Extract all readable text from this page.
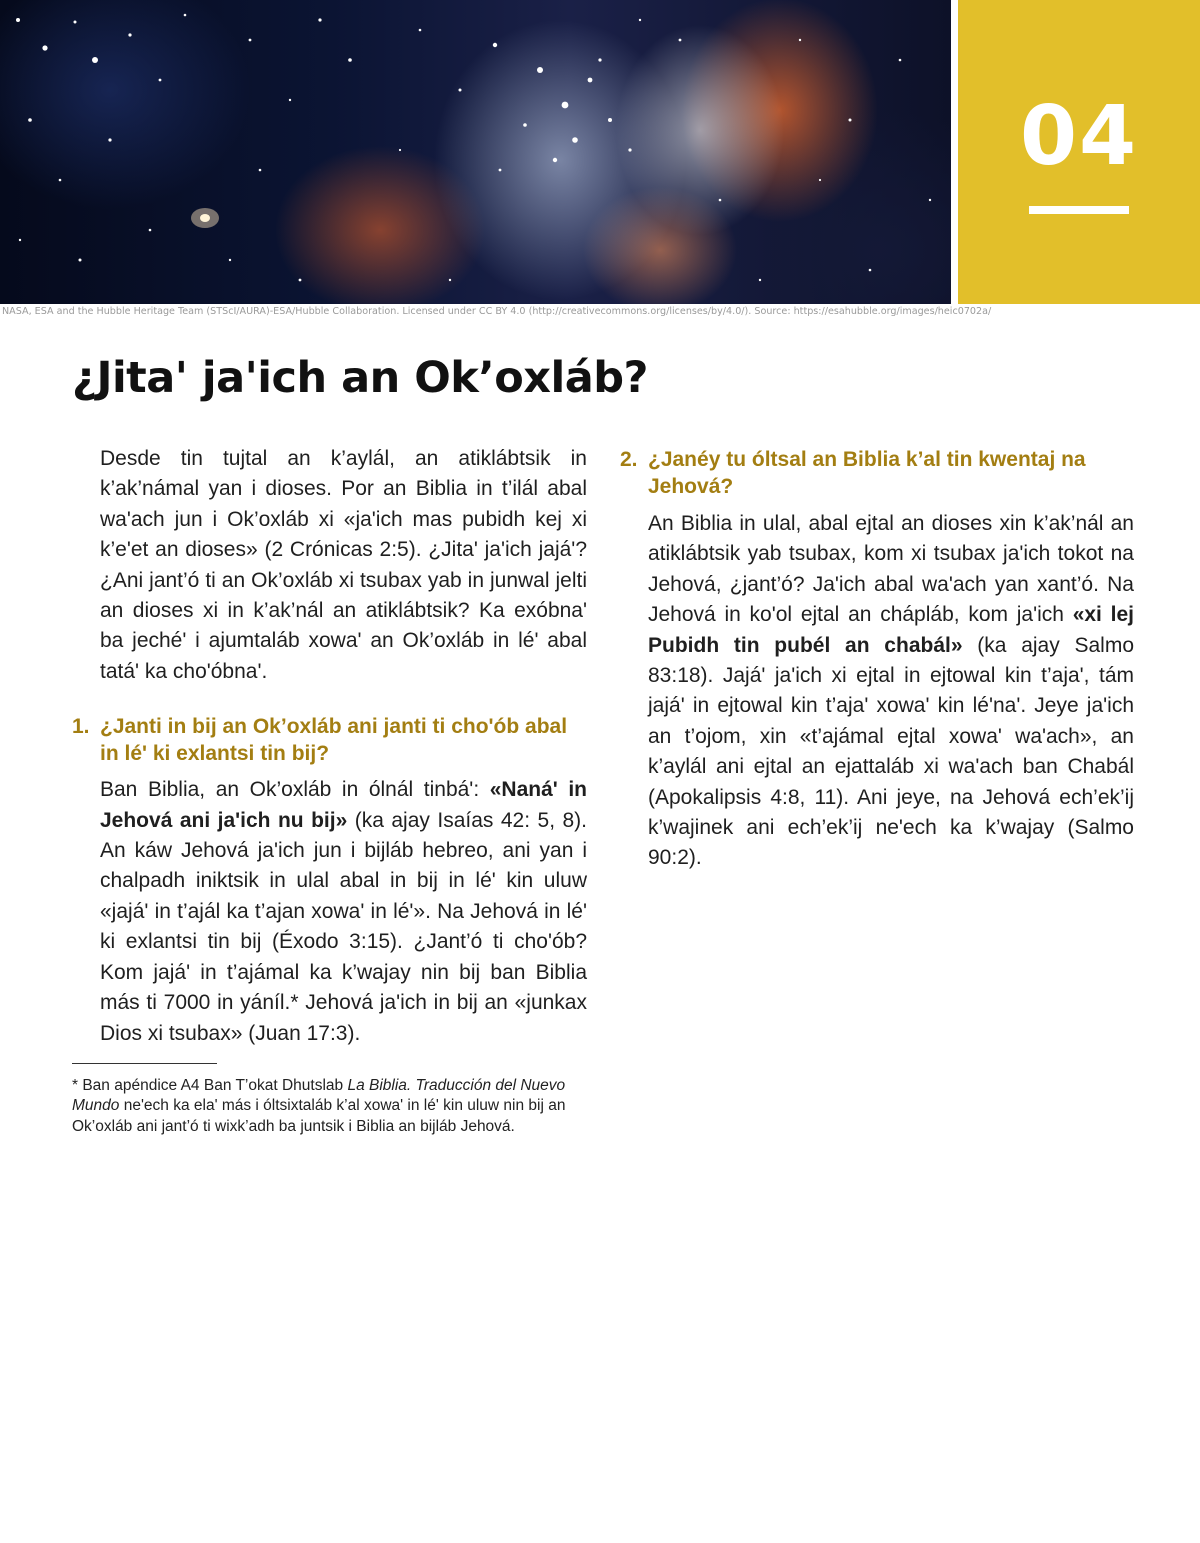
04
NASA, ESA and the Hubble Heritage Team (STScI/AURA)-ESA/Hubble Collaboration. Licensed under CC BY 4.0 (http://creativecommons.org/licenses/by/4.0/). Source: https://esahubble.org/images/heic0702a/
¿Jita' ja'ich an Ok’oxláb?

Desde tin tujtal an k’aylál, an atiklábtsik in k’ak’námal yan i dioses. Por an Biblia in t’ilál abal wa'ach jun i Ok’oxláb xi «ja'ich mas pubidh kej xi k’e'et an dioses» (2 Crónicas 2:5). ¿Jita' ja'ich jajá'? ¿Ani jant’ó ti an Ok’oxláb xi tsubax yab in junwal jelti an dioses xi in k’ak’nál an atiklábtsik? Ka exóbna' ba jeché' i ajumtaláb xowa' an Ok’oxláb in lé' abal tatá' ka cho'óbna'.

1. ¿Janti in bij an Ok’oxláb ani janti ti cho'ób abal in lé' ki exlantsi tin bij?

Ban Biblia, an Ok’oxláb in ólnál tinbá': «Naná' in Jehová ani ja'ich nu bij» (ka ajay Isaías 42: 5, 8). An káw Jehová ja'ich jun i bijláb hebreo, ani yan i chalpadh iniktsik in ulal abal in bij in lé' kin uluw «jajá' in t’ajál ka t’ajan xowa' in lé'». Na Jehová in lé' ki exlantsi tin bij (Éxodo 3:15). ¿Jant’ó ti cho'ób? Kom jajá' in t’ajámal ka k’wajay nin bij ban Biblia más ti 7000 in yáníl.* Jehová ja'ich in bij an «junkax Dios xi tsubax» (Juan 17:3).

* Ban apéndice A4 Ban T’okat Dhutslab La Biblia. Traducción del Nuevo Mundo ne'ech ka ela' más i óltsixtaláb k’al xowa' in lé' kin uluw nin bij an Ok’oxláb ani jant’ó ti wixk’adh ba juntsik i Biblia an bijláb Jehová.
2. ¿Janéy tu óltsal an Biblia k’al tin kwentaj na Jehová?

An Biblia in ulal, abal ejtal an dioses xin k’ak’nál an atiklábtsik yab tsubax, kom xi tsubax ja'ich tokot na Jehová, ¿jant’ó? Ja'ich abal wa'ach yan xant’ó. Na Jehová in ko'ol ejtal an chápláb, kom ja'ich «xi lej Pubidh tin pubél an chabál» (ka ajay Salmo 83:18). Jajá' ja'ich xi ejtal in ejtowal kin t’aja', tám jajá' in ejtowal kin t’aja' xowa' kin lé'na'. Jeye ja'ich an t’ojom, xin «t’ajámal ejtal xowa' wa'ach», an k’aylál ani ejtal an ejattaláb xi wa'ach ban Chabál (Apokalipsis 4:8, 11). Ani jeye, na Jehová ech’ek’ij k’wajinek ani ech’ek’ij ne'ech ka k’wajay (Salmo 90:2).
